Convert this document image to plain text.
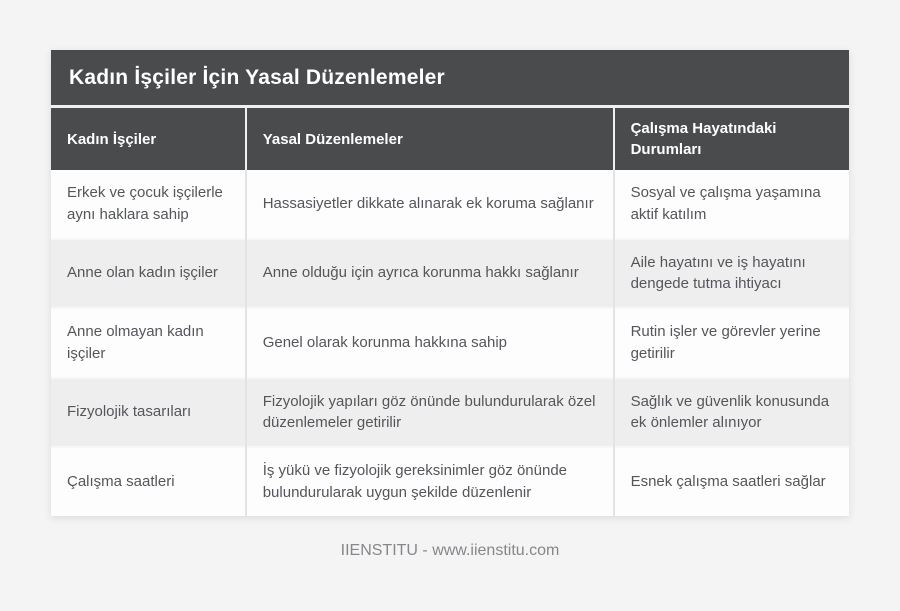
Kadın İşçiler İçin Yasal Düzenlemeler
Kadın İşçiler	Yasal Düzenlemeler	Çalışma Hayatındaki Durumları
Erkek ve çocuk işçilerle aynı haklara sahip	Hassasiyetler dikkate alınarak ek koruma sağlanır	Sosyal ve çalışma yaşamına aktif katılım
Anne olan kadın işçiler	Anne olduğu için ayrıca korunma hakkı sağlanır	Aile hayatını ve iş hayatını dengede tutma ihtiyacı
Anne olmayan kadın işçiler	Genel olarak korunma hakkına sahip	Rutin işler ve görevler yerine getirilir
Fizyolojik tasarıları	Fizyolojik yapıları göz önünde bulundurularak özel düzenlemeler getirilir	Sağlık ve güvenlik konusunda ek önlemler alınıyor
Çalışma saatleri	İş yükü ve fizyolojik gereksinimler göz önünde bulundurularak uygun şekilde düzenlenir	Esnek çalışma saatleri sağlar
IIENSTITU - www.iienstitu.com
